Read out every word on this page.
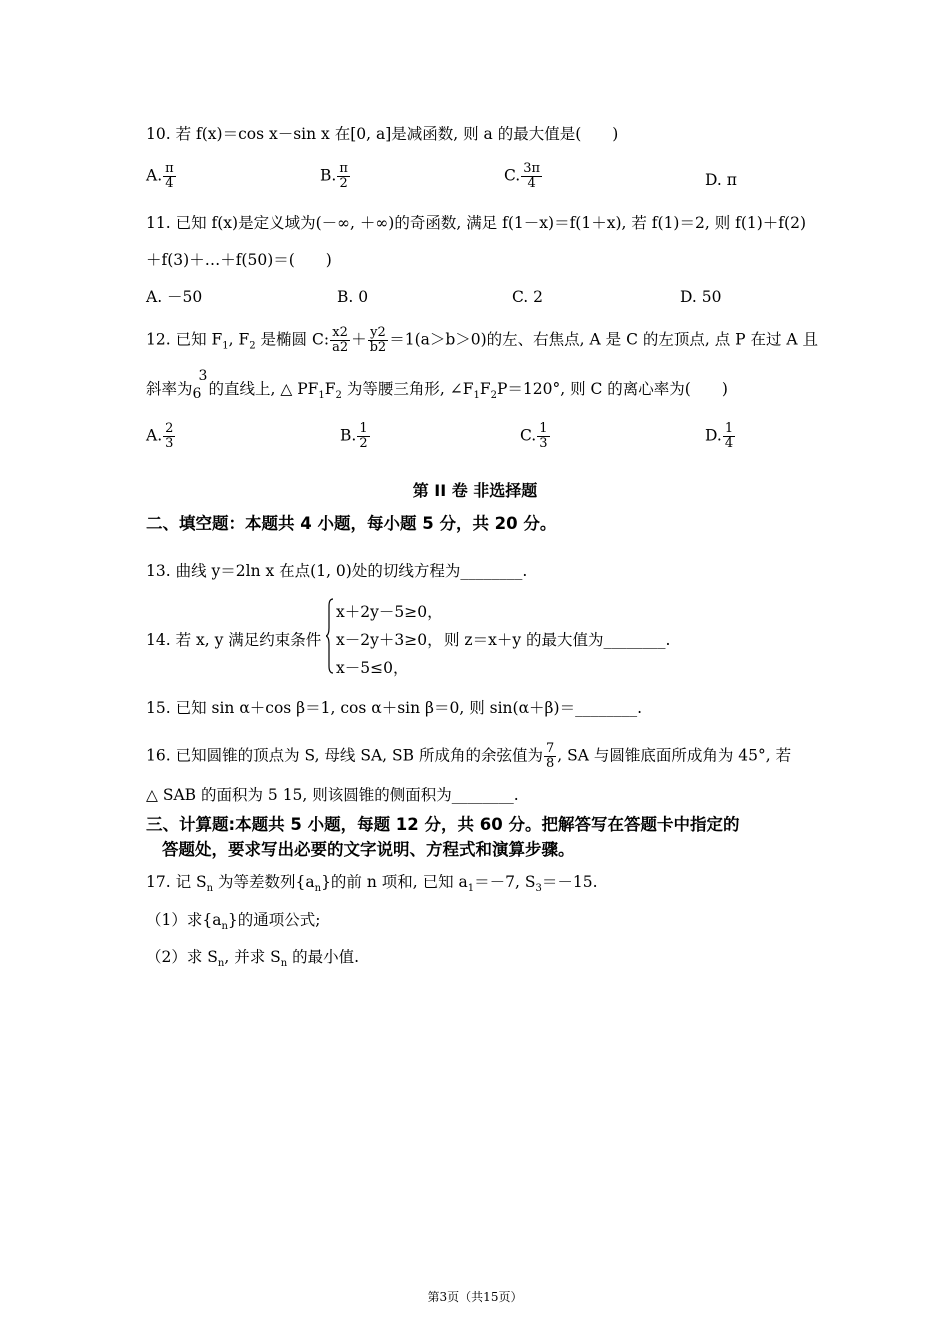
10. 若 f(x)＝cos x－sin x 在[0, a]是减函数, 则 a 的最大值是(　　)
A. $\frac{\pi}{4}$	B. $\frac{\pi}{2}$	C. $\frac{3\pi}{4}$	D. π
11. 已知 f(x)是定义域为(－∞, ＋∞)的奇函数, 满足 f(1－x)＝f(1＋x), 若 f(1)＝2, 则 f(1)＋f(2)
＋f(3)＋…＋f(50)＝(　　)
A. －50	B. 0	C. 2	D. 50
12. 已知 $F_1$, $F_2$ 是椭圆 C: $\frac{x2}{a2} + \frac{y2}{b2} =1(a>b>0)$的左、右焦点, A 是 C 的左顶点, 点 P 在过 A 且
斜率为
3
6 的直线上, △ $PF_1F_2$ 为等腰三角形, $\angle F_1F_2P=120^\circ$, 则 C 的离心率为(　　)
A. $\frac{2}{3}$	B. $\frac{1}{2}$	C. $\frac{1}{3}$	D. $\frac{1}{4}$
第 II 卷 非选择题
二、填空题：本题共 4 小题，每小题 5 分，共 20 分。
13. 曲线 y＝2ln x 在点(1, 0)处的切线方程为________.
14. 若 x, y 满足约束条件
x＋2y－5≥0，
x－2y＋3≥0，
x－5≤0，
则 z＝x＋y 的最大值为________.
15. 已知 sin α＋cos β＝1, cos α＋sin β＝0, 则 sin(α＋β)＝________.
16. 已知圆锥的顶点为 S, 母线 SA, SB 所成角的余弦值为 $\frac{7}{8}$ , SA 与圆锥底面所成角为 45°, 若
△ SAB 的面积为 5 15, 则该圆锥的侧面积为________.
三、计算题:本题共 5 小题，每题 12 分，共 60 分。把解答写在答题卡中指定的
答题处，要求写出必要的文字说明、方程式和演算步骤。
17. 记 $S_n$ 为等差数列$\{a_n\}$的前 n 项和, 已知 $a_1=-7$, $S_3=-15$.
（1）求$\{a_n\}$的通项公式;
（2）求 $S_n$, 并求 $S_n$ 的最小值.
第3页（共15页）
